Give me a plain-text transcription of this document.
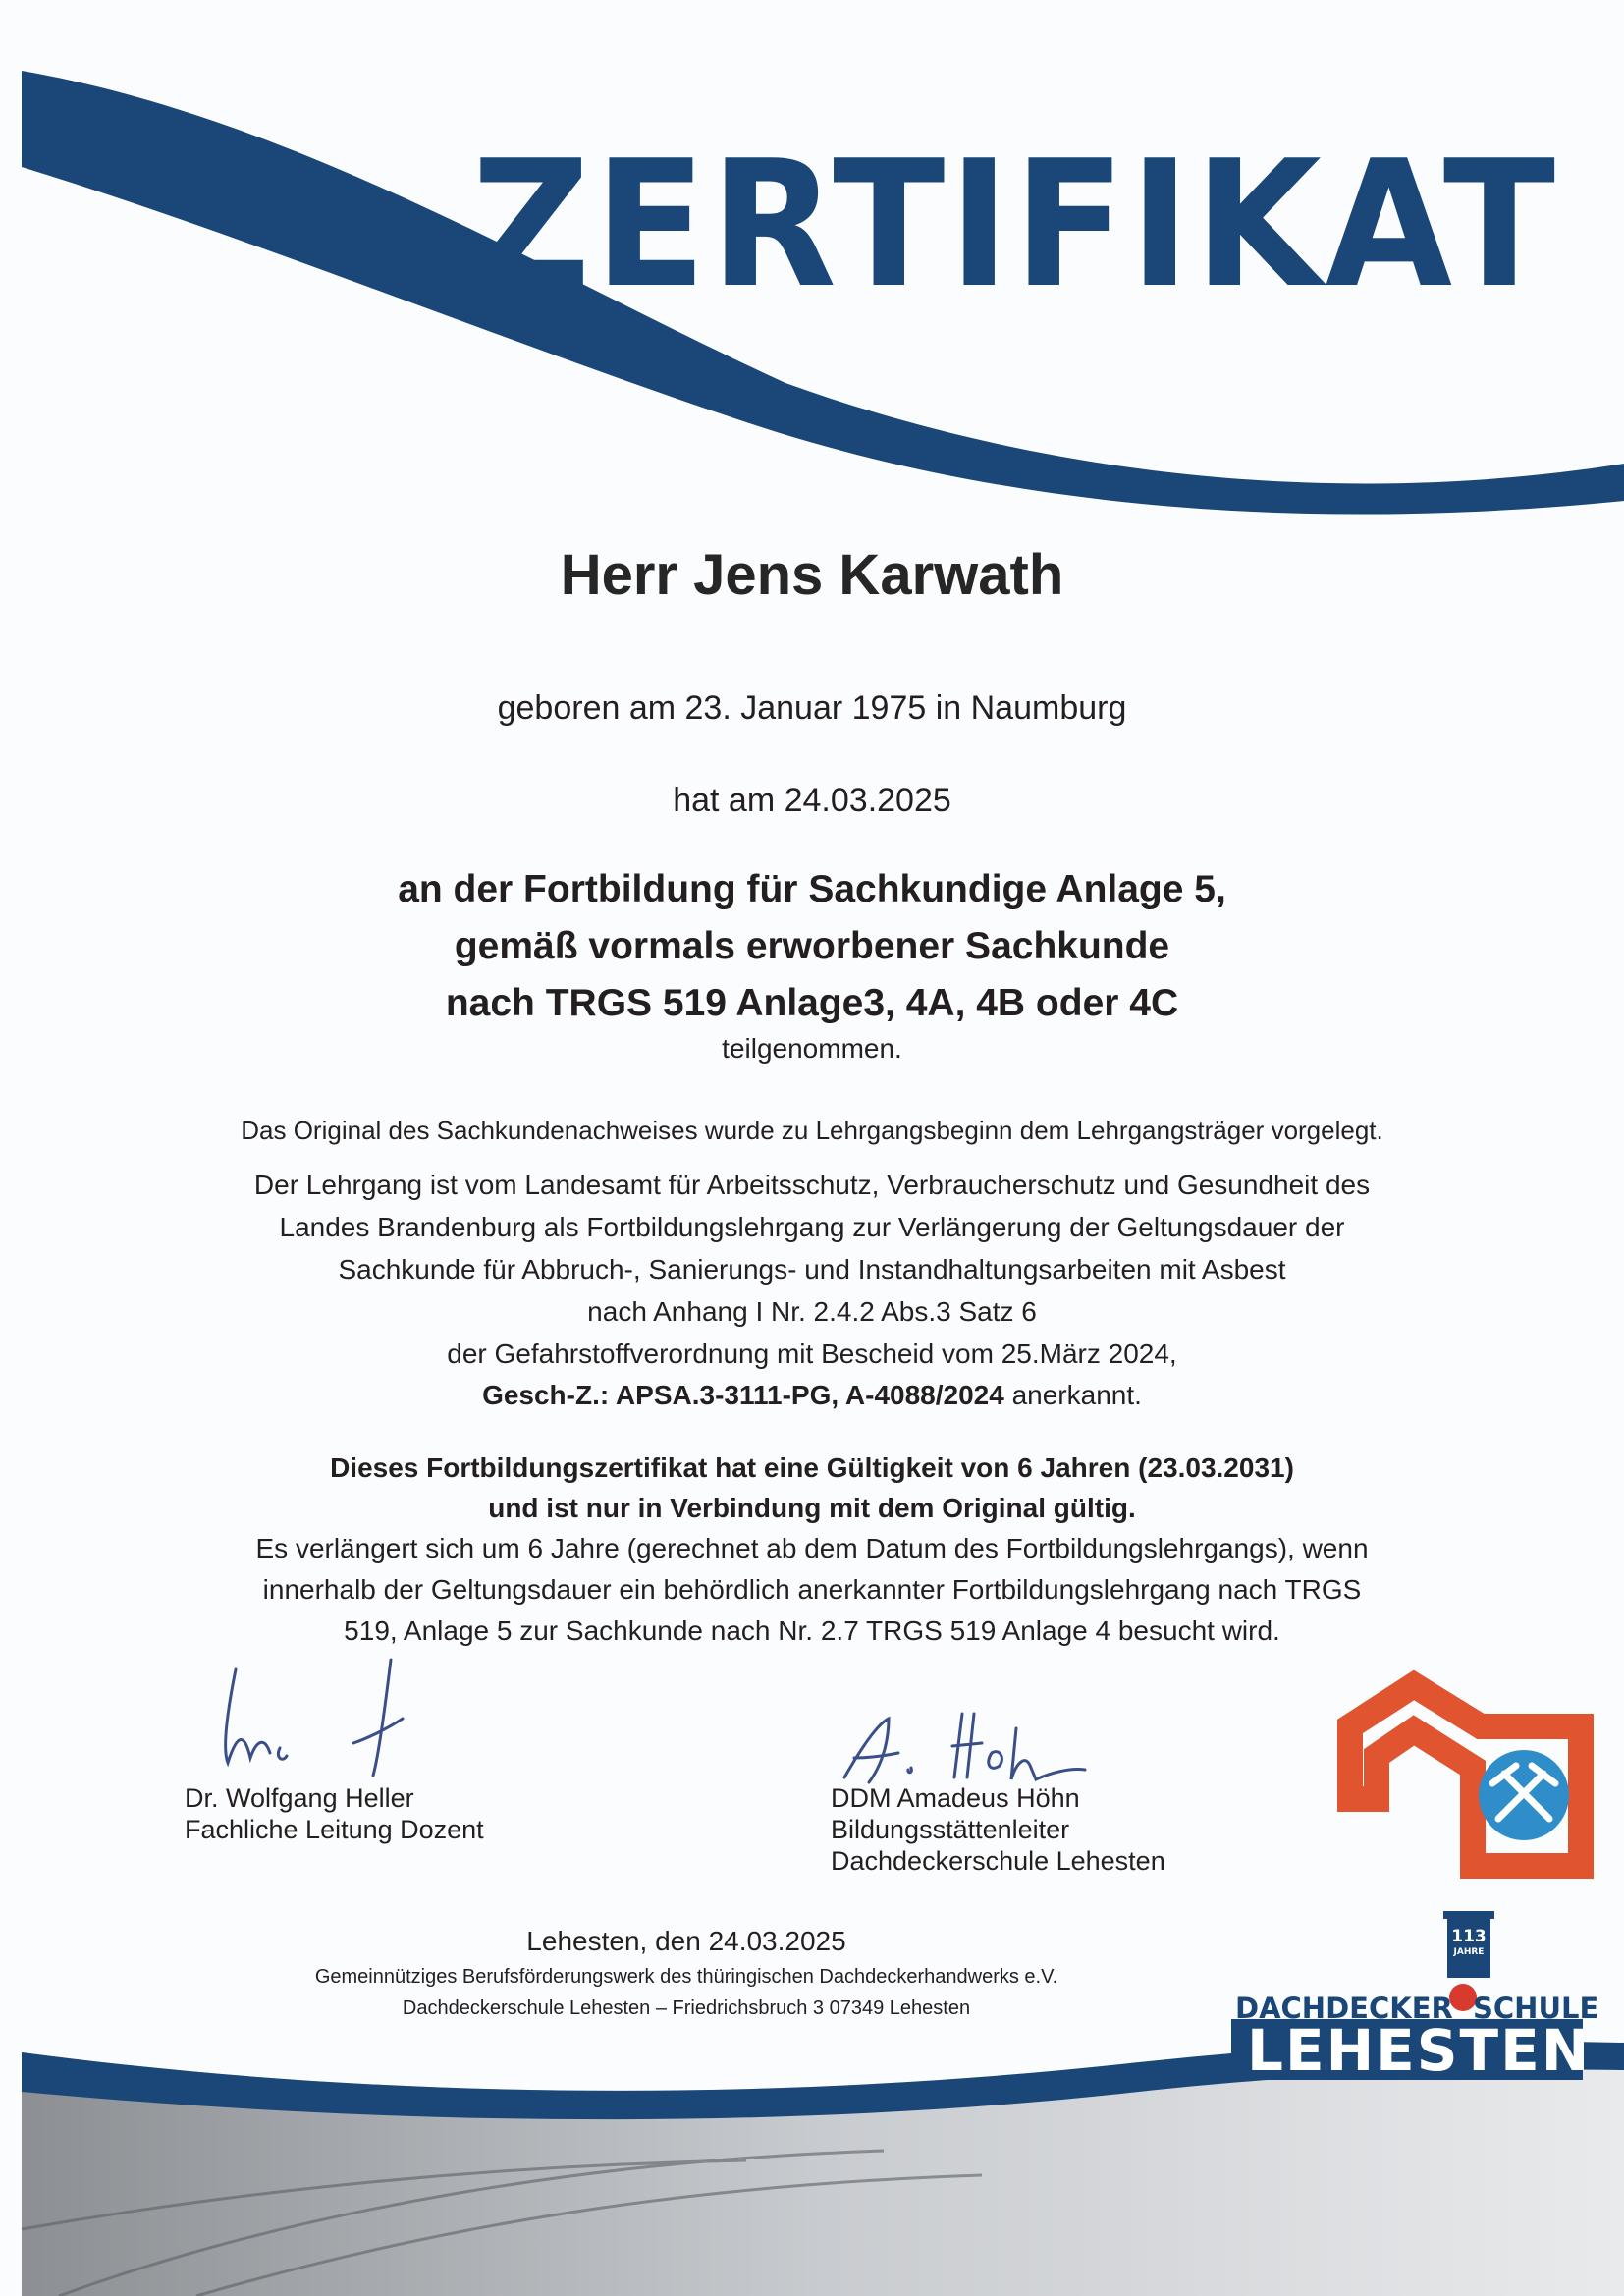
ZERTIFIKAT
Herr Jens Karwath
geboren am 23. Januar 1975 in Naumburg
hat am 24.03.2025
an der Fortbildung für Sachkundige Anlage 5,
gemäß vormals erworbener Sachkunde
nach TRGS 519 Anlage3, 4A, 4B oder 4C
teilgenommen.
Das Original des Sachkundenachweises wurde zu Lehrgangsbeginn dem Lehrgangsträger vorgelegt.
Der Lehrgang ist vom Landesamt für Arbeitsschutz, Verbraucherschutz und Gesundheit des
Landes Brandenburg als Fortbildungslehrgang zur Verlängerung der Geltungsdauer der
Sachkunde für Abbruch-, Sanierungs- und Instandhaltungsarbeiten mit Asbest
nach Anhang I Nr. 2.4.2 Abs.3 Satz 6
der Gefahrstoffverordnung mit Bescheid vom 25.März 2024,
Gesch-Z.: APSA.3-3111-PG, A-4088/2024 anerkannt.
Dieses Fortbildungszertifikat hat eine Gültigkeit von 6 Jahren (23.03.2031)
und ist nur in Verbindung mit dem Original gültig.
Es verlängert sich um 6 Jahre (gerechnet ab dem Datum des Fortbildungslehrgangs), wenn
innerhalb der Geltungsdauer ein behördlich anerkannter Fortbildungslehrgang nach TRGS
519, Anlage 5 zur Sachkunde nach Nr. 2.7 TRGS 519 Anlage 4 besucht wird.
Dr. Wolfgang Heller
Fachliche Leitung Dozent
DDM Amadeus Höhn
Bildungsstättenleiter
Dachdeckerschule Lehesten
Lehesten, den 24.03.2025
Gemeinnütziges Berufsförderungswerk des thüringischen Dachdeckerhandwerks e.V.
Dachdeckerschule Lehesten – Friedrichsbruch 3 07349 Lehesten
113
JAHRE
DACHDECKER SCHULE
LEHESTEN
